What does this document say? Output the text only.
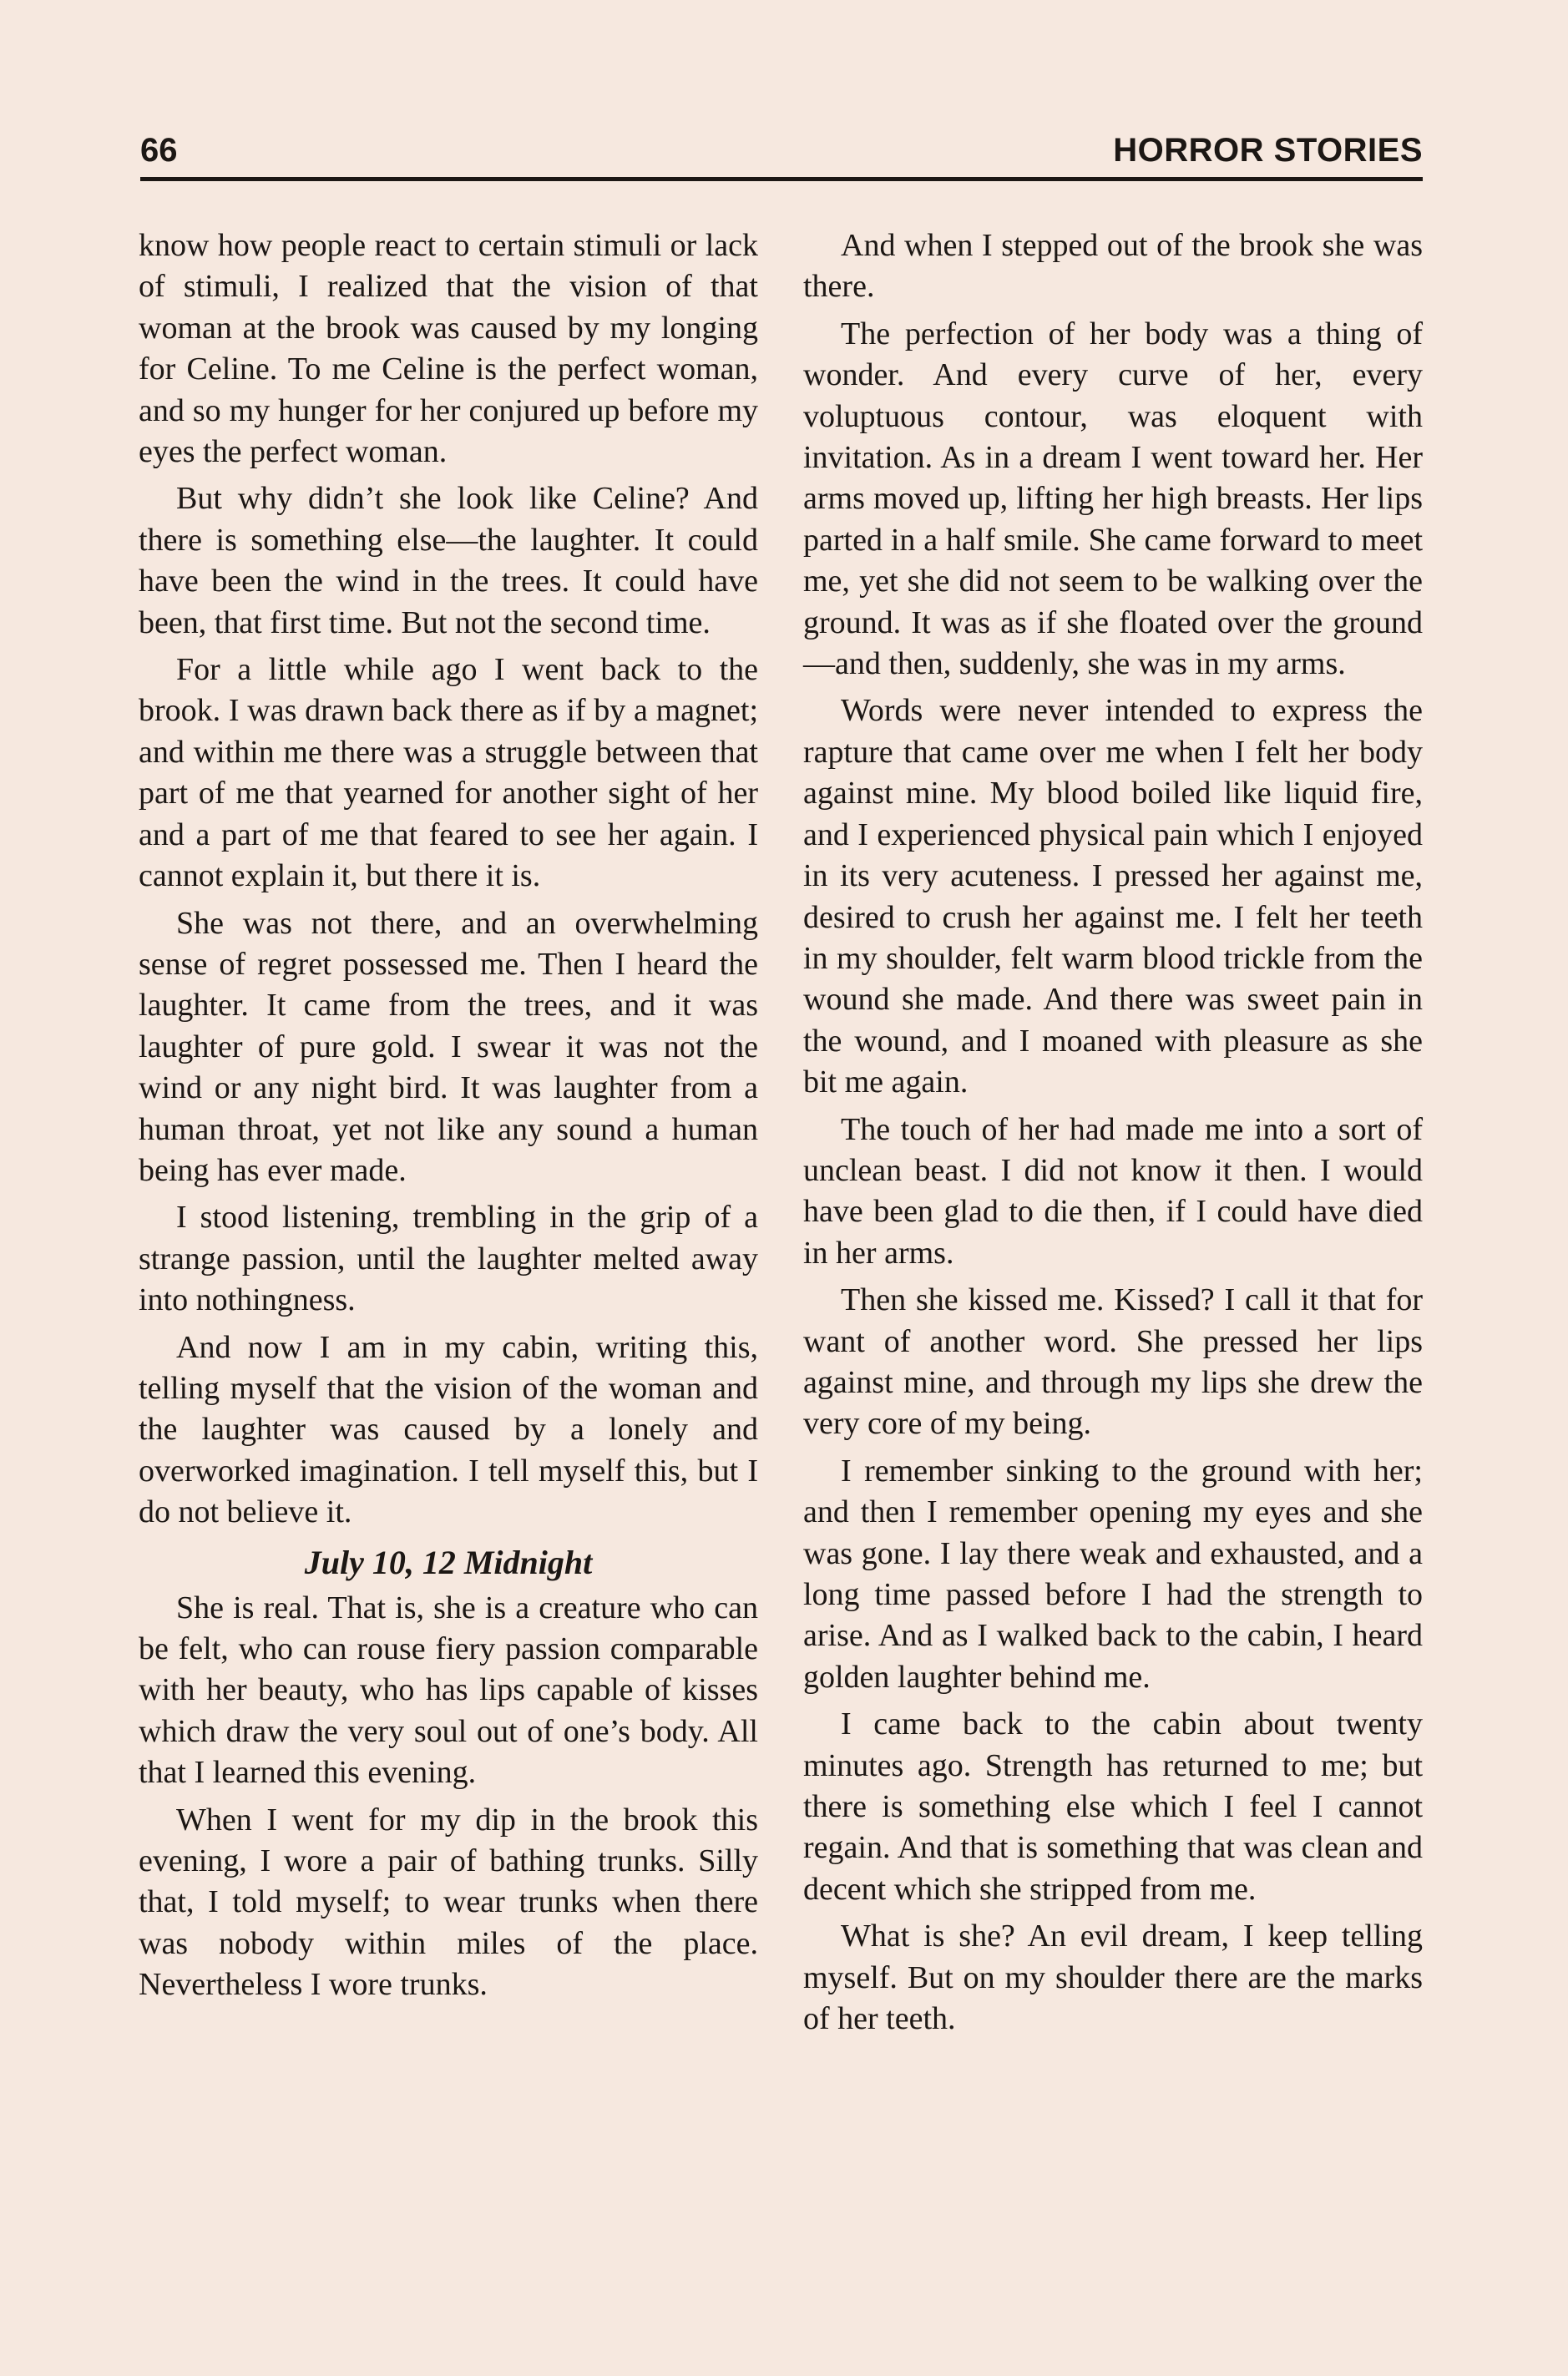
66	HORROR STORIES

know how people react to certain stimuli or lack of stimuli, I realized that the vision of that woman at the brook was caused by my longing for Celine. To me Celine is the perfect woman, and so my hunger for her conjured up before my eyes the perfect woman.

But why didn’t she look like Celine? And there is something else—the laughter. It could have been the wind in the trees. It could have been, that first time. But not the second time.

For a little while ago I went back to the brook. I was drawn back there as if by a magnet; and within me there was a struggle between that part of me that yearned for another sight of her and a part of me that feared to see her again. I cannot explain it, but there it is.

She was not there, and an overwhelming sense of regret possessed me. Then I heard the laughter. It came from the trees, and it was laughter of pure gold. I swear it was not the wind or any night bird. It was laughter from a human throat, yet not like any sound a human being has ever made.

I stood listening, trembling in the grip of a strange passion, until the laughter melted away into nothingness.

And now I am in my cabin, writing this, telling myself that the vision of the woman and the laughter was caused by a lonely and overworked imagination. I tell myself this, but I do not believe it.

July 10, 12 Midnight

She is real. That is, she is a creature who can be felt, who can rouse fiery passion comparable with her beauty, who has lips capable of kisses which draw the very soul out of one’s body. All that I learned this evening.

When I went for my dip in the brook this evening, I wore a pair of bathing trunks. Silly that, I told myself; to wear trunks when there was nobody within miles of the place. Nevertheless I wore trunks.

And when I stepped out of the brook she was there.

The perfection of her body was a thing of wonder. And every curve of her, every voluptuous contour, was eloquent with invitation. As in a dream I went toward her. Her arms moved up, lifting her high breasts. Her lips parted in a half smile. She came forward to meet me, yet she did not seem to be walking over the ground. It was as if she floated over the ground—and then, suddenly, she was in my arms.

Words were never intended to express the rapture that came over me when I felt her body against mine. My blood boiled like liquid fire, and I experienced physical pain which I enjoyed in its very acuteness. I pressed her against me, desired to crush her against me. I felt her teeth in my shoulder, felt warm blood trickle from the wound she made. And there was sweet pain in the wound, and I moaned with pleasure as she bit me again.

The touch of her had made me into a sort of unclean beast. I did not know it then. I would have been glad to die then, if I could have died in her arms.

Then she kissed me. Kissed? I call it that for want of another word. She pressed her lips against mine, and through my lips she drew the very core of my being.

I remember sinking to the ground with her; and then I remember opening my eyes and she was gone. I lay there weak and exhausted, and a long time passed before I had the strength to arise. And as I walked back to the cabin, I heard golden laughter behind me.

I came back to the cabin about twenty minutes ago. Strength has returned to me; but there is something else which I feel I cannot regain. And that is something that was clean and decent which she stripped from me.

What is she? An evil dream, I keep telling myself. But on my shoulder there are the marks of her teeth.
